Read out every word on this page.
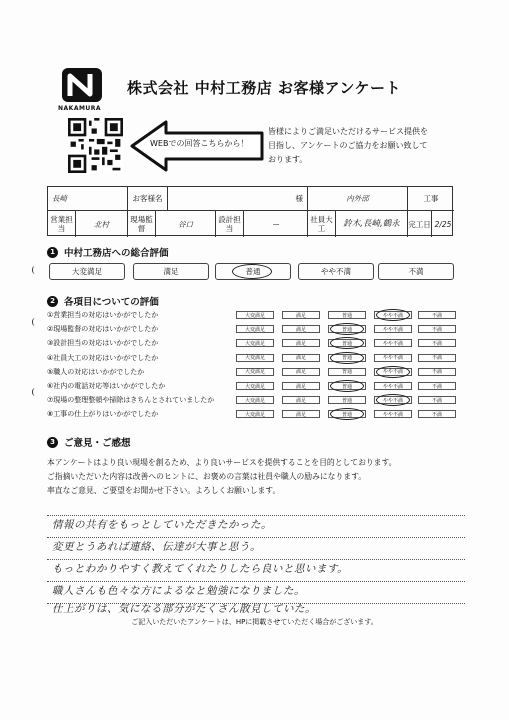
NAKAMURA
株式会社 中村工務店 お客様アンケート
WEBでの回答こちらから！
皆様によりご満足いただけるサービス提供を
目指し、アンケートのご協力をお願い致して
おります。
長崎	お客様名	様	内外部	工事
営業担当	北村	現場監督	谷口	設計担当	ー	社員大工	鈴木,長崎,鶴永	完工日 2/25
1 中村工務店への総合評価
大変満足	満足	普通	やや不満	不満
2 各項目についての評価
①営業担当の対応はいかがでしたか	大変満足	満足	普通	やや不満	不満
②現場監督の対応はいかがでしたか	大変満足	満足	普通	やや不満	不満
③設計担当の対応はいかがでしたか	大変満足	満足	普通	やや不満	不満
④社員大工の対応はいかがでしたか	大変満足	満足	普通	やや不満	不満
⑤職人の対応はいかがでしたか	大変満足	満足	普通	やや不満	不満
⑥社内の電話対応等はいかがでしたか	大変満足	満足	普通	やや不満	不満
⑦現場の整理整頓や掃除はきちんとされていましたか	大変満足	満足	普通	やや不満	不満
⑧工事の仕上がりはいかがでしたか	大変満足	満足	普通	やや不満	不満
3 ご意見・ご感想
本アンケートはより良い現場を創るため、より良いサービスを提供することを目的としております。
ご指摘いただいた内容は改善へのヒントに、お褒めの言葉は社員や職人の励みになります。
率直なご意見、ご要望をお聞かせ下さい。よろしくお願いします。
情報の共有をもっとしていただきたかった。
変更とうあれば連絡、伝達が大事と思う。
もっとわかりやすく教えてくれたりしたら良いと思います。
職人さんも色々な方によるなと勉強になりました。
仕上がりは、気になる部分がたくさん散見していた。
ご記入いただいたアンケートは、HPに掲載させていただく場合がございます。
